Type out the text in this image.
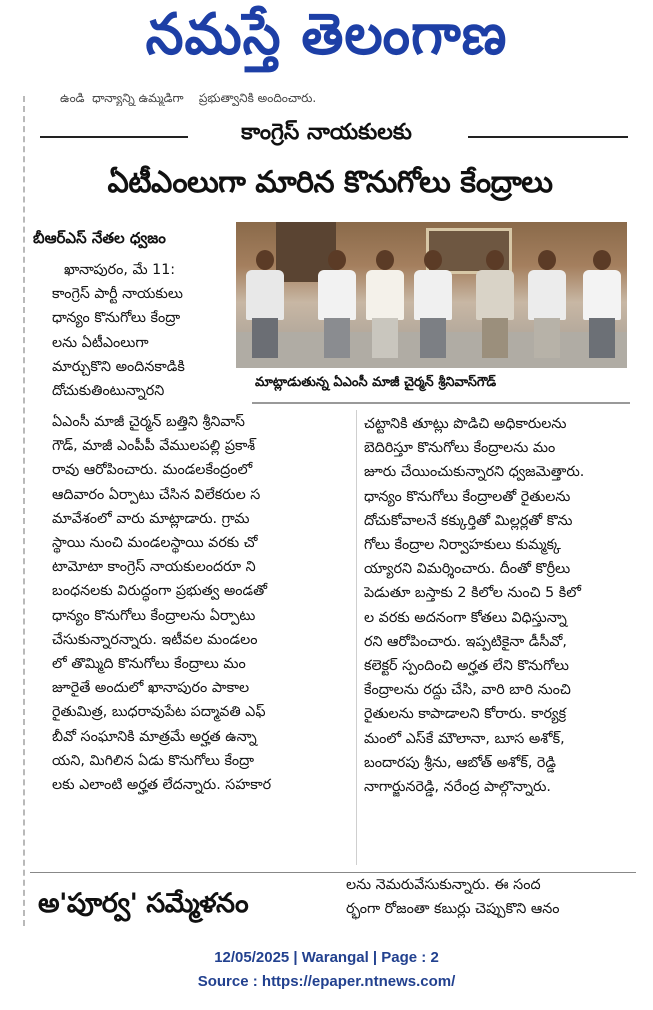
నమస్తే తెలంగాణ
ఉండి ‌ ధాన్యాన్ని ఉమ్మడిగా ‌ ‌ ‌ ప్రభుత్వానికి అందించారు.
కాంగ్రెస్‌ నాయకులకు
ఏటీఎంలుగా మారిన కొనుగోలు కేంద్రాలు
బీఆర్‌ఎస్‌ నేతల ధ్వజం
మాట్లాడుతున్న ఏఎంసీ మాజీ చైర్మన్‌ శ్రీనివాస్‌గౌడ్‌

ఖానాపురం, మే 11:

కాంగ్రెస్‌ పార్టీ నాయకులు

ధాన్యం కొనుగోలు కేంద్రా

లను ఏటీఎంలుగా

మార్చుకొని అందినకాడికి

దోచుకుతింటున్నారని

ఏఎంసీ మాజీ చైర్మన్‌ బత్తిని శ్రీనివాస్‌

గౌడ్‌, మాజీ ఎంపీపీ వేములపల్లి ప్రకాశ్‌

రావు ఆరోపించారు. మండలకేంద్రంలో

ఆదివారం ఏర్పాటు చేసిన విలేకరుల స

మావేశంలో వారు మాట్లాడారు. గ్రామ

స్థాయి నుంచి మండలస్థాయి వరకు చో

టామోటా కాంగ్రెస్‌ నాయకులందరూ ని

బంధనలకు విరుద్ధంగా ప్రభుత్వ అండతో

ధాన్యం కొనుగోలు కేంద్రాలను ఏర్పాటు

చేసుకున్నారన్నారు. ఇటీవల మండలం

లో తొమ్మిది కొనుగోలు కేంద్రాలు మం

జూరైతే అందులో ఖానాపురం పాకాల

రైతుమిత్ర, బుధరావుపేట పద్మావతి ఎఫ్‌

బీవో సంఘానికి మాత్రమే అర్హత ఉన్నా

యని, మిగిలిన ఏడు కొనుగోలు కేంద్రా

లకు ఎలాంటి అర్హత లేదన్నారు. సహకార

చట్టానికి తూట్లు పొడిచి అధికారులను

బెదిరిస్తూ కొనుగోలు కేంద్రాలను మం

జూరు చేయించుకున్నారని ధ్వజమెత్తారు.

ధాన్యం కొనుగోలు కేంద్రాలతో రైతులను

దోచుకోవాలనే కక్కుర్తితో మిల్లర్లతో కొను

గోలు కేంద్రాల నిర్వాహకులు కుమ్మక్క

య్యారని విమర్శించారు. దీంతో కొర్రీలు

పెడుతూ బస్తాకు 2 కిలోల నుంచి 5 కిలో

ల వరకు అదనంగా కోతలు విధిస్తున్నా

రని ఆరోపించారు. ఇప్పటికైనా డీసీవో,

కలెక్టర్‌ స్పందించి అర్హత లేని కొనుగోలు

కేంద్రాలను రద్దు చేసి, వారి బారి నుంచి

రైతులను కాపాడాలని కోరారు. కార్యక్ర

మంలో ఎస్‌కే మౌలానా, బూస అశోక్‌,

బందారపు శ్రీను, ఆబోత్‌ అశోక్‌, రెడ్డి

నాగార్జునరెడ్డి, నరేంద్ర పాల్గొన్నారు.

అ'పూర్వ' సమ్మేళనం

లను నెమరువేసుకున్నారు. ఈ సంద

ర్భంగా రోజంతా కబుర్లు చెప్పుకొని ఆనం

12/05/2025 | Warangal | Page : 2
Source : https://epaper.ntnews.com/
